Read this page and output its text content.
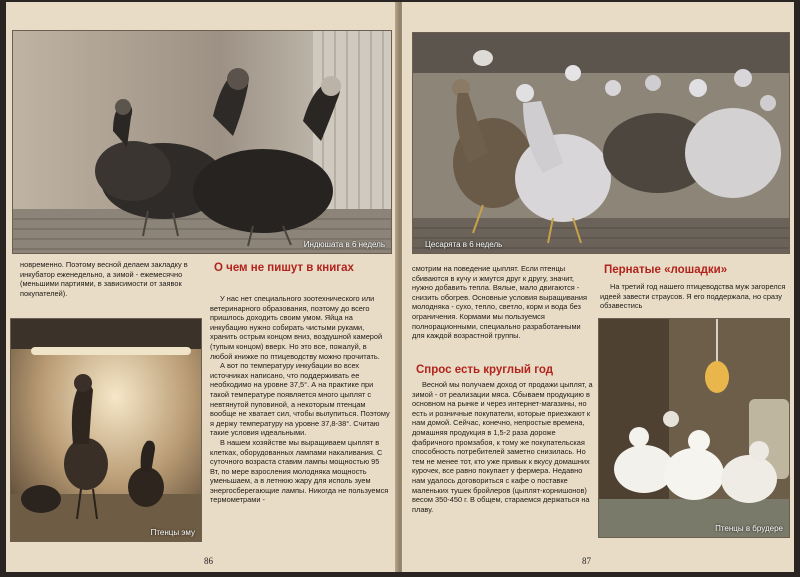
Индюшата в 6 недель

новременно. Поэтому весной делаем закладку в инкубатор еженедельно, а зимой - ежемесячно (меньшими партиями, в зависимости от заявок покупателей).

О чем не пишут в книгах
Птенцы эму

У нас нет специального зоотехнического или ветеринарного образования, поэтому до всего пришлось доходить своим умом. Яйца на инкубацию нужно собирать чистыми руками, хранить острым концом вниз, воздушной камерой (тупым концом) вверх. Но это все, пожалуй, в любой книжке по птицеводству можно прочитать.

А вот по температуру инкубации во всех источниках написано, что поддерживать ее необходимо на уровне 37,5°. А на практике при такой температуре появляется много цыплят с невтянутой пуповиной, а некоторым птенцам вообще не хватает сил, чтобы вылупиться. Поэтому я держу температуру на уровне 37,8-38°. Считаю такие условия идеальными.

В нашем хозяйстве мы выращиваем цыплят в клетках, оборудованных лампами накаливания. С суточного возраста ставим лампы мощностью 95 Вт, по мере взросления молодняка мощность уменьшаем, а в летнюю жару для исполь зуем энергосберегающие лампы. Никогда не пользуемся термометрами -

86
Цесарята в 6 недель

смотрим на поведение цыплят. Если птенцы сбиваются в кучу и жмутся друг к другу, значит, нужно добавить тепла. Вялые, мало двигаются - снизить обогрев. Основные условия выращивания молодняка - сухо, тепло, светло, корм и вода без ограничения. Кормами мы пользуемся полнорационными, специально разработанными для каждой возрастной группы.

Спрос есть круглый год

Весной мы получаем доход от продажи цыплят, а зимой - от реализации мяса. Сбываем продукцию в основном на рынке и через интернет-магазины, но есть и розничные покупатели, которые приезжают к нам домой. Сейчас, конечно, непростые времена, домашняя продукция в 1,5-2 раза дороже фабричного промзабоя, к тому же покупательская способность потребителей заметно снизилась. Но тем не менее тот, кто уже привык к вкусу домашних курочек, все равно покупает у фермера. Недавно нам удалось договориться с кафе о поставке маленьких тушек бройлеров (цыплят-корнишонов) весом 350-450 г. В общем, стараемся держаться на плаву.

Пернатые «лошадки»

На третий год нашего птицеводства муж загорелся идеей завести страусов. Я его поддержала, но сразу обзавестись

Птенцы в брудере
87
